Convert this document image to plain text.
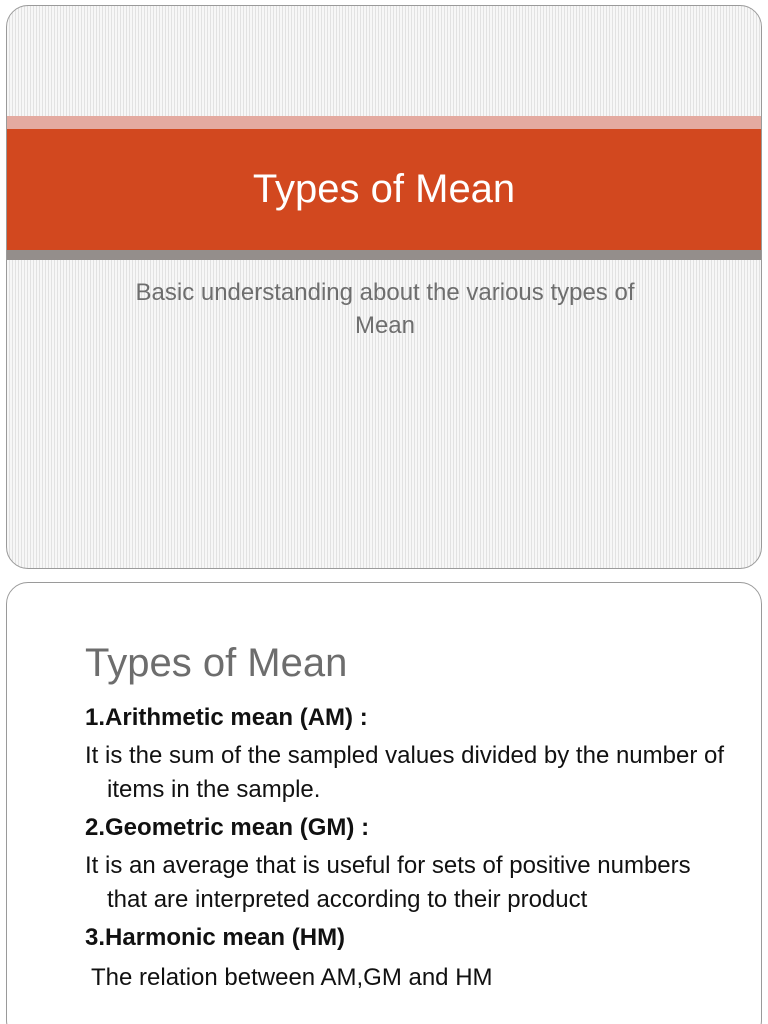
Types of Mean
Basic understanding about the various types of Mean
Types of Mean

1.Arithmetic mean (AM) :

It is the sum of the sampled values divided by the number of items in the sample.

2.Geometric mean (GM) :

It is an average that is useful for sets of positive numbers that are interpreted according to their product

3.Harmonic mean (HM)

The relation between AM,GM and HM
